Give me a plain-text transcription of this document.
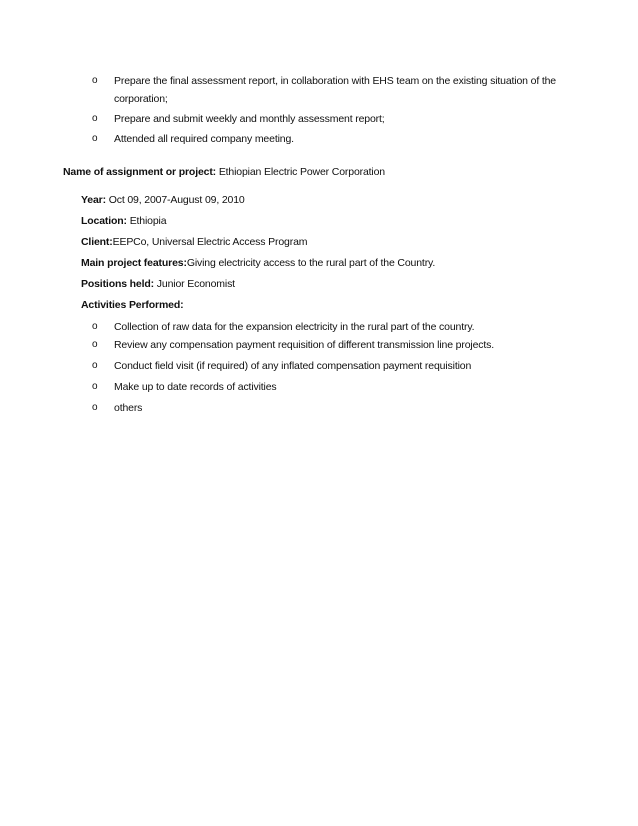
o Prepare the final assessment report, in collaboration with EHS team on the existing situation of the corporation;
o Prepare and submit weekly and monthly assessment report;
o Attended all required company meeting.
Name of assignment or project: Ethiopian Electric Power Corporation
Year: Oct 09, 2007-August 09, 2010
Location: Ethiopia
Client:EEPCo, Universal Electric Access Program
Main project features:Giving electricity access to the rural part of the Country.
Positions held: Junior Economist
Activities Performed:
o Collection of raw data for the expansion electricity in the rural part of the country.
o Review any compensation payment requisition of different transmission line projects.
o Conduct field visit (if required) of any inflated compensation payment requisition
o Make up to date records of activities
o others
